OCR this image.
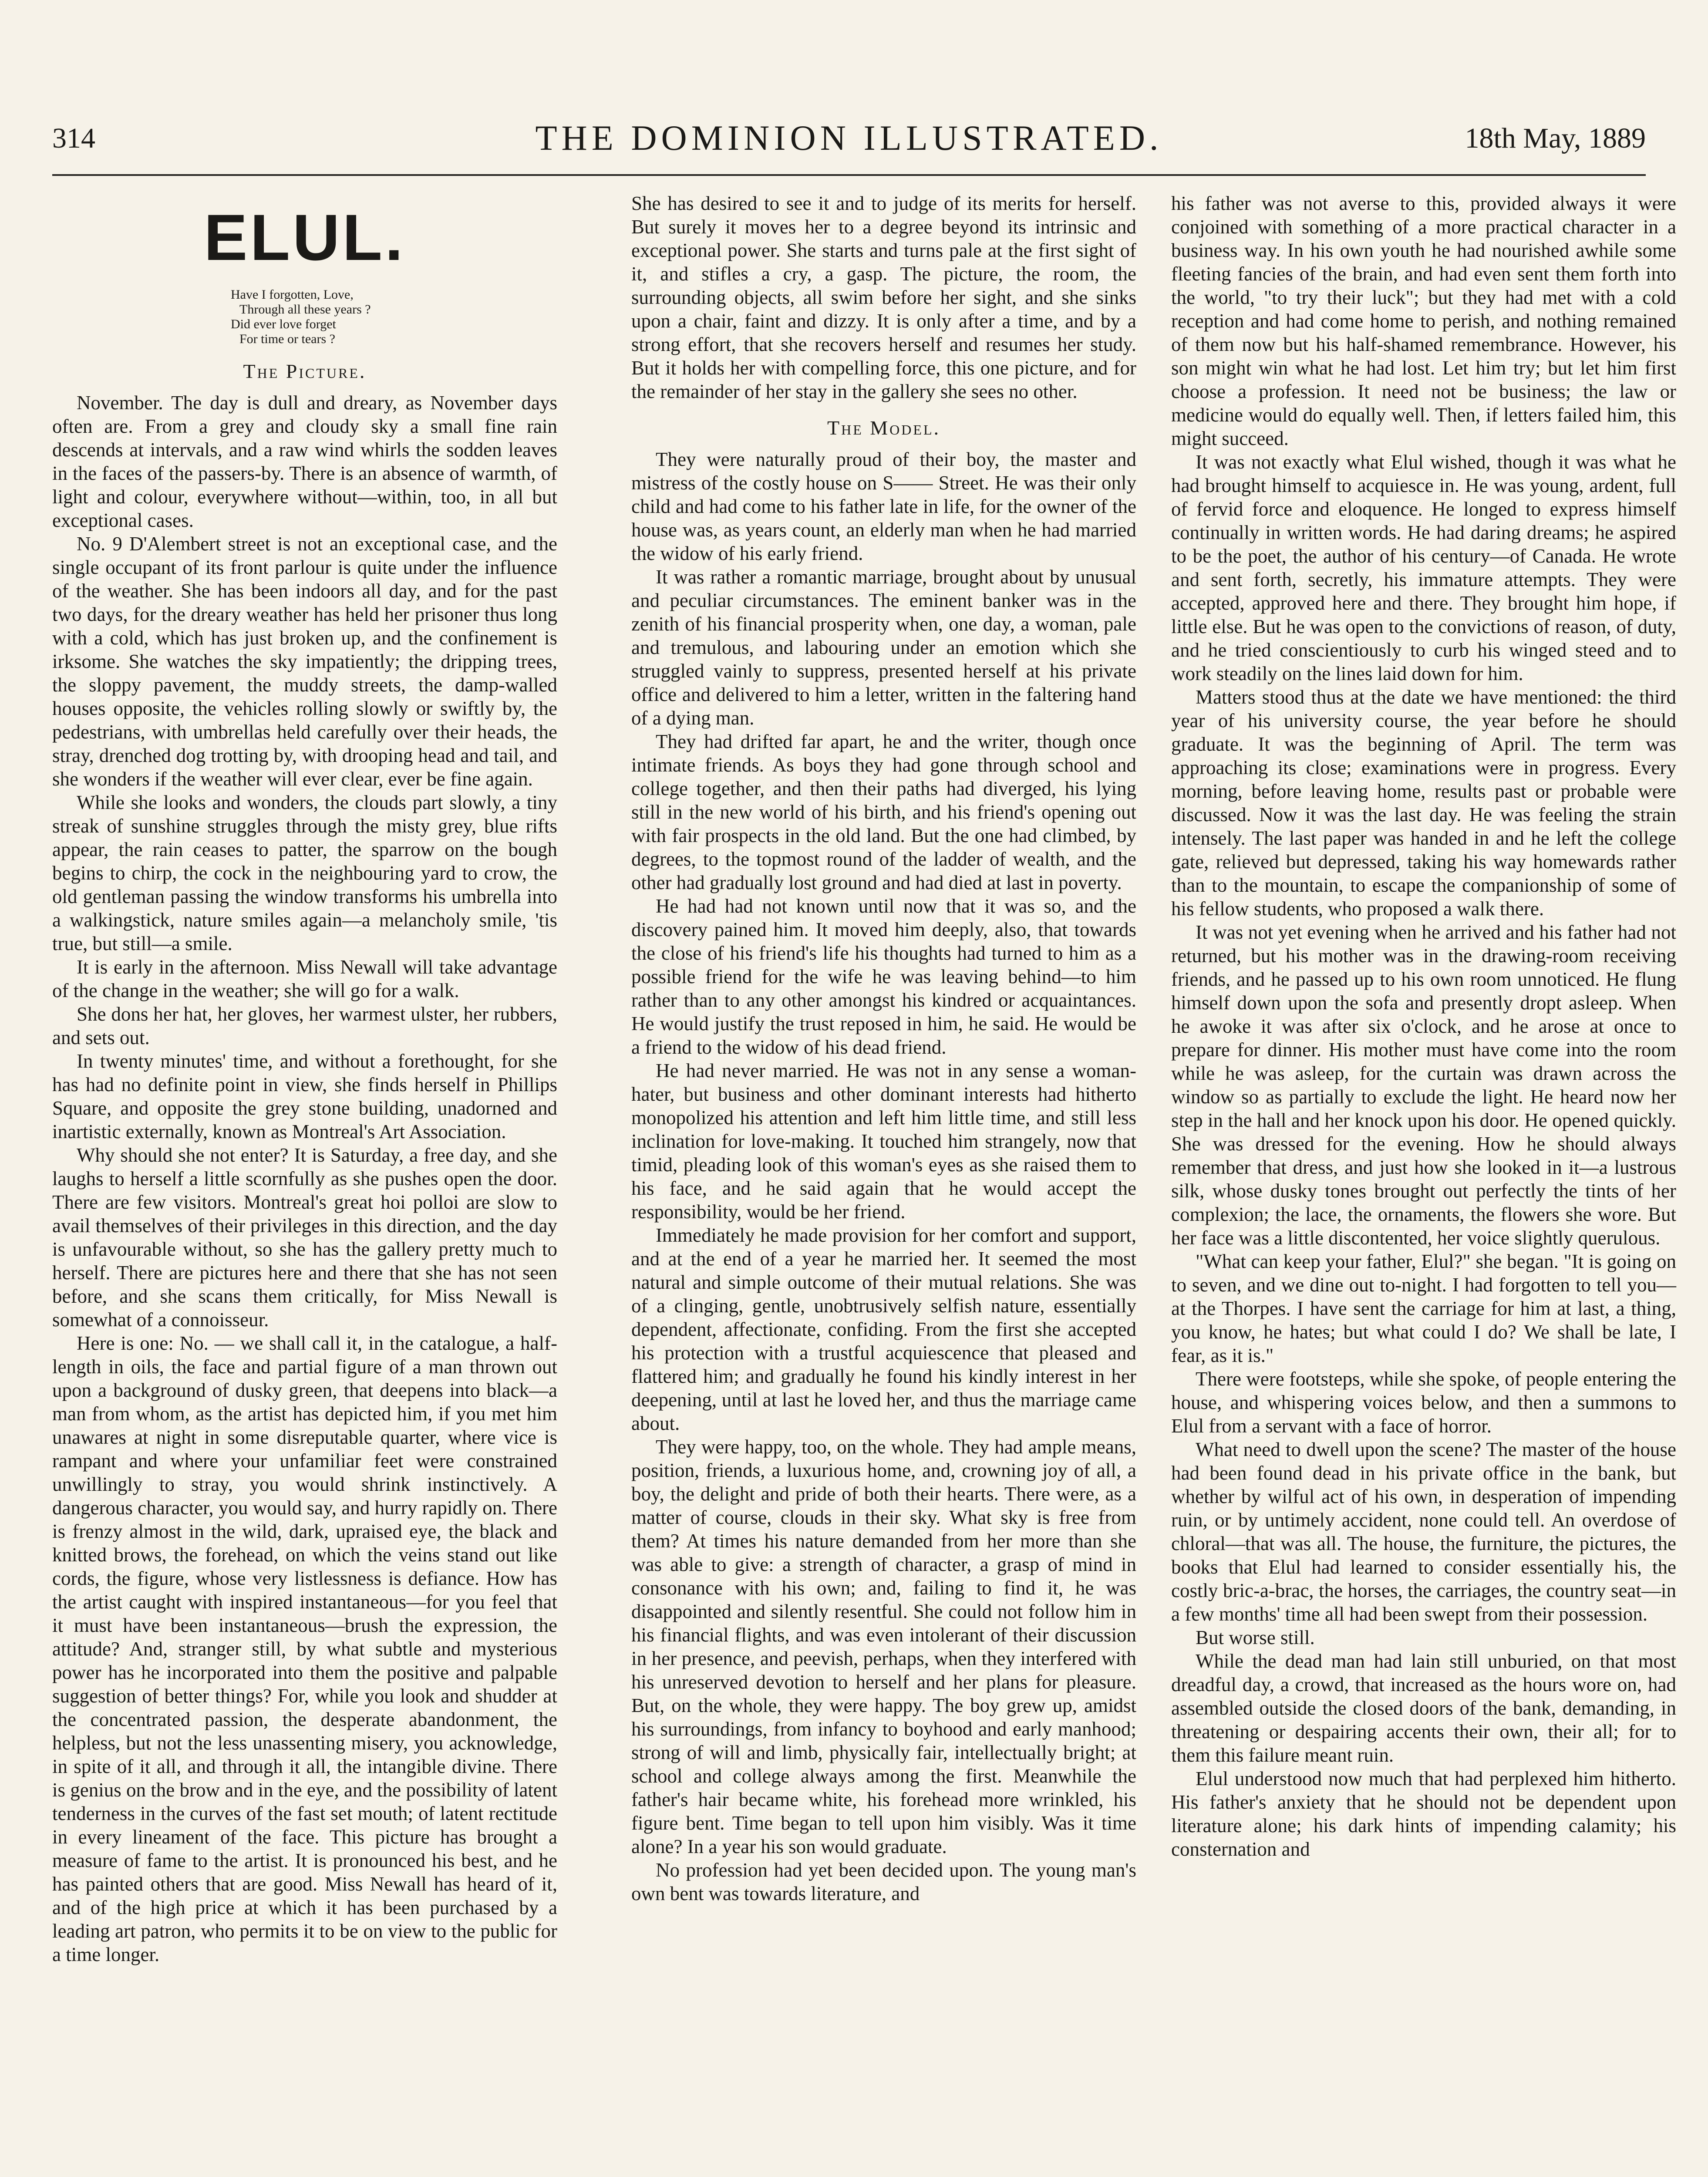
314	THE DOMINION ILLUSTRATED.	18th May, 1889
ELUL.
Have I forgotten, Love,
Through all these years ?
Did ever love forget
For time or tears ?
The Picture.

November. The day is dull and dreary, as November days often are. From a grey and cloudy sky a small fine rain descends at intervals, and a raw wind whirls the sodden leaves in the faces of the passers-by. There is an absence of warmth, of light and colour, everywhere without—within, too, in all but exceptional cases.

No. 9 D'Alembert street is not an exceptional case, and the single occupant of its front parlour is quite under the influence of the weather. She has been indoors all day, and for the past two days, for the dreary weather has held her prisoner thus long with a cold, which has just broken up, and the confinement is irksome. She watches the sky impatiently; the dripping trees, the sloppy pavement, the muddy streets, the damp-walled houses opposite, the vehicles rolling slowly or swiftly by, the pedestrians, with umbrellas held carefully over their heads, the stray, drenched dog trotting by, with drooping head and tail, and she wonders if the weather will ever clear, ever be fine again.

While she looks and wonders, the clouds part slowly, a tiny streak of sunshine struggles through the misty grey, blue rifts appear, the rain ceases to patter, the sparrow on the bough begins to chirp, the cock in the neighbouring yard to crow, the old gentleman passing the window transforms his umbrella into a walkingstick, nature smiles again—a melancholy smile, 'tis true, but still—a smile.

It is early in the afternoon. Miss Newall will take advantage of the change in the weather; she will go for a walk.

She dons her hat, her gloves, her warmest ulster, her rubbers, and sets out.

In twenty minutes' time, and without a forethought, for she has had no definite point in view, she finds herself in Phillips Square, and opposite the grey stone building, unadorned and inartistic externally, known as Montreal's Art Association.

Why should she not enter? It is Saturday, a free day, and she laughs to herself a little scornfully as she pushes open the door. There are few visitors. Montreal's great hoi polloi are slow to avail themselves of their privileges in this direction, and the day is unfavourable without, so she has the gallery pretty much to herself. There are pictures here and there that she has not seen before, and she scans them critically, for Miss Newall is somewhat of a connoisseur.

Here is one: No. — we shall call it, in the catalogue, a half-length in oils, the face and partial figure of a man thrown out upon a background of dusky green, that deepens into black—a man from whom, as the artist has depicted him, if you met him unawares at night in some disreputable quarter, where vice is rampant and where your unfamiliar feet were constrained unwillingly to stray, you would shrink instinctively. A dangerous character, you would say, and hurry rapidly on. There is frenzy almost in the wild, dark, upraised eye, the black and knitted brows, the forehead, on which the veins stand out like cords, the figure, whose very listlessness is defiance. How has the artist caught with inspired instantaneous—for you feel that it must have been instantaneous—brush the expression, the attitude? And, stranger still, by what subtle and mysterious power has he incorporated into them the positive and palpable suggestion of better things? For, while you look and shudder at the concentrated passion, the desperate abandonment, the helpless, but not the less unassenting misery, you acknowledge, in spite of it all, and through it all, the intangible divine. There is genius on the brow and in the eye, and the possibility of latent tenderness in the curves of the fast set mouth; of latent rectitude in every lineament of the face. This picture has brought a measure of fame to the artist. It is pronounced his best, and he has painted others that are good. Miss Newall has heard of it, and of the high price at which it has been purchased by a leading art patron, who permits it to be on view to the public for a time longer.

She has desired to see it and to judge of its merits for herself. But surely it moves her to a degree beyond its intrinsic and exceptional power. She starts and turns pale at the first sight of it, and stifles a cry, a gasp. The picture, the room, the surrounding objects, all swim before her sight, and she sinks upon a chair, faint and dizzy. It is only after a time, and by a strong effort, that she recovers herself and resumes her study. But it holds her with compelling force, this one picture, and for the remainder of her stay in the gallery she sees no other.

The Model.

They were naturally proud of their boy, the master and mistress of the costly house on S—— Street. He was their only child and had come to his father late in life, for the owner of the house was, as years count, an elderly man when he had married the widow of his early friend.

It was rather a romantic marriage, brought about by unusual and peculiar circumstances. The eminent banker was in the zenith of his financial prosperity when, one day, a woman, pale and tremulous, and labouring under an emotion which she struggled vainly to suppress, presented herself at his private office and delivered to him a letter, written in the faltering hand of a dying man.

They had drifted far apart, he and the writer, though once intimate friends. As boys they had gone through school and college together, and then their paths had diverged, his lying still in the new world of his birth, and his friend's opening out with fair prospects in the old land. But the one had climbed, by degrees, to the topmost round of the ladder of wealth, and the other had gradually lost ground and had died at last in poverty.

He had had not known until now that it was so, and the discovery pained him. It moved him deeply, also, that towards the close of his friend's life his thoughts had turned to him as a possible friend for the wife he was leaving behind—to him rather than to any other amongst his kindred or acquaintances. He would justify the trust reposed in him, he said. He would be a friend to the widow of his dead friend.

He had never married. He was not in any sense a woman-hater, but business and other dominant interests had hitherto monopolized his attention and left him little time, and still less inclination for love-making. It touched him strangely, now that timid, pleading look of this woman's eyes as she raised them to his face, and he said again that he would accept the responsibility, would be her friend.

Immediately he made provision for her comfort and support, and at the end of a year he married her. It seemed the most natural and simple outcome of their mutual relations. She was of a clinging, gentle, unobtrusively selfish nature, essentially dependent, affectionate, confiding. From the first she accepted his protection with a trustful acquiescence that pleased and flattered him; and gradually he found his kindly interest in her deepening, until at last he loved her, and thus the marriage came about.

They were happy, too, on the whole. They had ample means, position, friends, a luxurious home, and, crowning joy of all, a boy, the delight and pride of both their hearts. There were, as a matter of course, clouds in their sky. What sky is free from them? At times his nature demanded from her more than she was able to give: a strength of character, a grasp of mind in consonance with his own; and, failing to find it, he was disappointed and silently resentful. She could not follow him in his financial flights, and was even intolerant of their discussion in her presence, and peevish, perhaps, when they interfered with his unreserved devotion to herself and her plans for pleasure. But, on the whole, they were happy. The boy grew up, amidst his surroundings, from infancy to boyhood and early manhood; strong of will and limb, physically fair, intellectually bright; at school and college always among the first. Meanwhile the father's hair became white, his forehead more wrinkled, his figure bent. Time began to tell upon him visibly. Was it time alone? In a year his son would graduate.

No profession had yet been decided upon. The young man's own bent was towards literature, and

his father was not averse to this, provided always it were conjoined with something of a more practical character in a business way. In his own youth he had nourished awhile some fleeting fancies of the brain, and had even sent them forth into the world, "to try their luck"; but they had met with a cold reception and had come home to perish, and nothing remained of them now but his half-shamed remembrance. However, his son might win what he had lost. Let him try; but let him first choose a profession. It need not be business; the law or medicine would do equally well. Then, if letters failed him, this might succeed.

It was not exactly what Elul wished, though it was what he had brought himself to acquiesce in. He was young, ardent, full of fervid force and eloquence. He longed to express himself continually in written words. He had daring dreams; he aspired to be the poet, the author of his century—of Canada. He wrote and sent forth, secretly, his immature attempts. They were accepted, approved here and there. They brought him hope, if little else. But he was open to the convictions of reason, of duty, and he tried conscientiously to curb his winged steed and to work steadily on the lines laid down for him.

Matters stood thus at the date we have mentioned: the third year of his university course, the year before he should graduate. It was the beginning of April. The term was approaching its close; examinations were in progress. Every morning, before leaving home, results past or probable were discussed. Now it was the last day. He was feeling the strain intensely. The last paper was handed in and he left the college gate, relieved but depressed, taking his way homewards rather than to the mountain, to escape the companionship of some of his fellow students, who proposed a walk there.

It was not yet evening when he arrived and his father had not returned, but his mother was in the drawing-room receiving friends, and he passed up to his own room unnoticed. He flung himself down upon the sofa and presently dropt asleep. When he awoke it was after six o'clock, and he arose at once to prepare for dinner. His mother must have come into the room while he was asleep, for the curtain was drawn across the window so as partially to exclude the light. He heard now her step in the hall and her knock upon his door. He opened quickly. She was dressed for the evening. How he should always remember that dress, and just how she looked in it—a lustrous silk, whose dusky tones brought out perfectly the tints of her complexion; the lace, the ornaments, the flowers she wore. But her face was a little discontented, her voice slightly querulous.

"What can keep your father, Elul?" she began. "It is going on to seven, and we dine out to-night. I had forgotten to tell you—at the Thorpes. I have sent the carriage for him at last, a thing, you know, he hates; but what could I do? We shall be late, I fear, as it is."

There were footsteps, while she spoke, of people entering the house, and whispering voices below, and then a summons to Elul from a servant with a face of horror.

What need to dwell upon the scene? The master of the house had been found dead in his private office in the bank, but whether by wilful act of his own, in desperation of impending ruin, or by untimely accident, none could tell. An overdose of chloral—that was all. The house, the furniture, the pictures, the books that Elul had learned to consider essentially his, the costly bric-a-brac, the horses, the carriages, the country seat—in a few months' time all had been swept from their possession.

But worse still.

While the dead man had lain still unburied, on that most dreadful day, a crowd, that increased as the hours wore on, had assembled outside the closed doors of the bank, demanding, in threatening or despairing accents their own, their all; for to them this failure meant ruin.

Elul understood now much that had perplexed him hitherto. His father's anxiety that he should not be dependent upon literature alone; his dark hints of impending calamity; his consternation and
